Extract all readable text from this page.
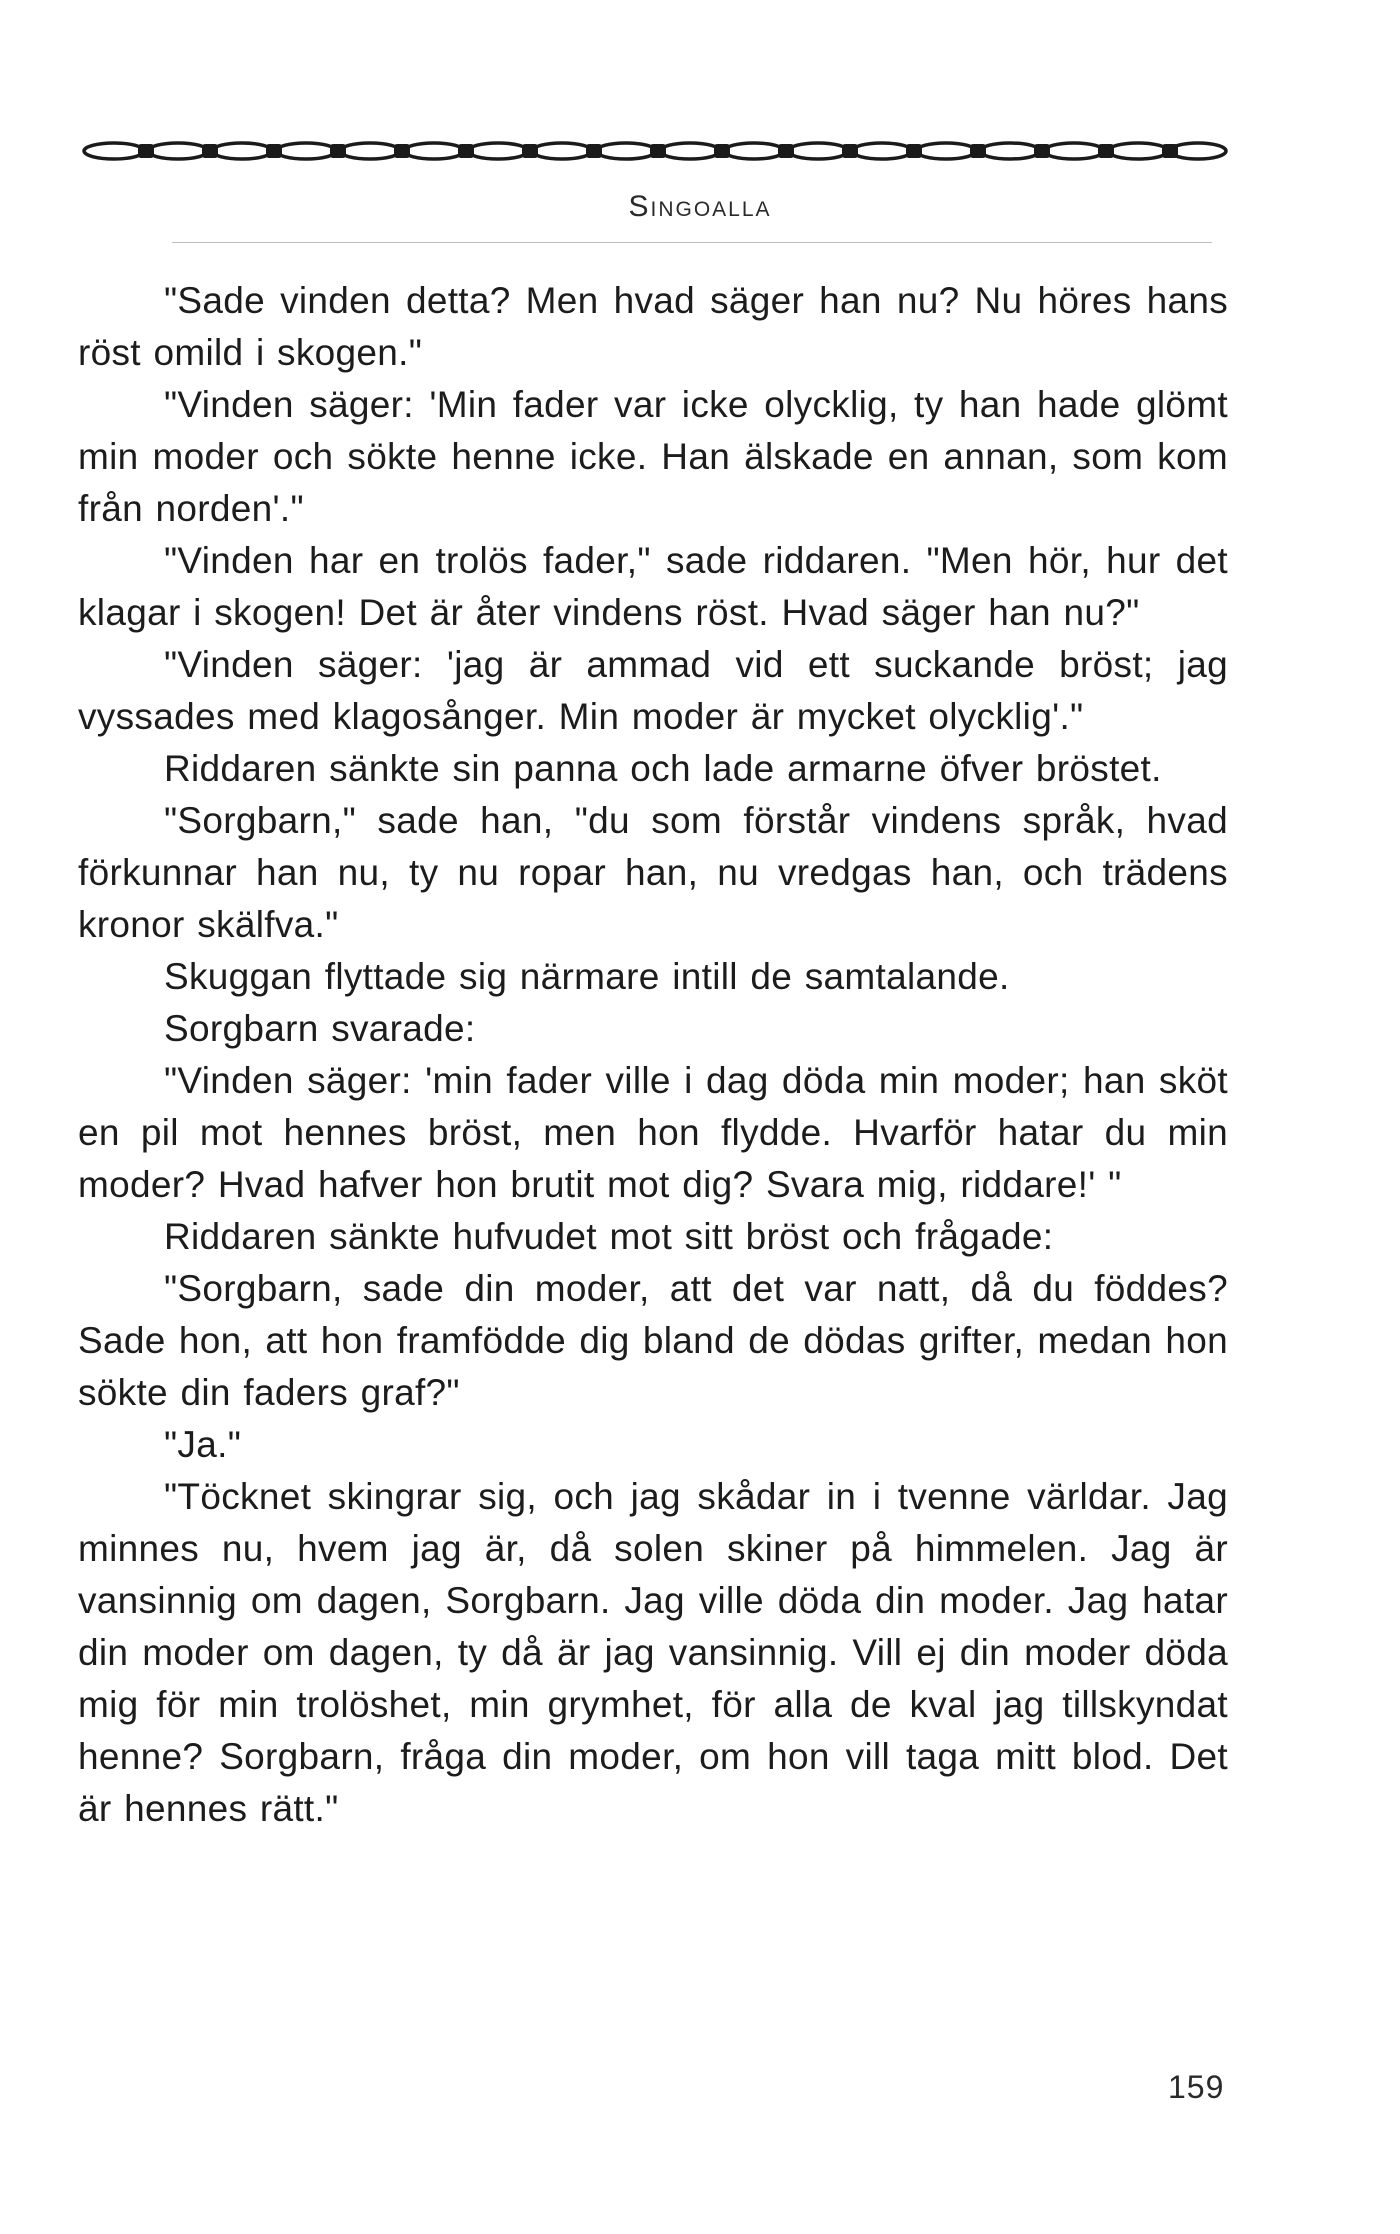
Singoalla

"Sade vinden detta? Men hvad säger han nu? Nu höres hans röst omild i skogen."

"Vinden säger: 'Min fader var icke olycklig, ty han hade glömt min moder och sökte henne icke. Han älskade en annan, som kom från norden'."

"Vinden har en trolös fader," sade riddaren. "Men hör, hur det klagar i skogen! Det är åter vindens röst. Hvad säger han nu?"

"Vinden säger: 'jag är ammad vid ett suckande bröst; jag vyssades med klagosånger. Min moder är mycket olycklig'."

Riddaren sänkte sin panna och lade armarne öfver bröstet.

"Sorgbarn," sade han, "du som förstår vindens språk, hvad förkunnar han nu, ty nu ropar han, nu vredgas han, och trädens kronor skälfva."

Skuggan flyttade sig närmare intill de samtalande.

Sorgbarn svarade:

"Vinden säger: 'min fader ville i dag döda min moder; han sköt en pil mot hennes bröst, men hon flydde. Hvarför hatar du min moder? Hvad hafver hon brutit mot dig? Svara mig, riddare!' "

Riddaren sänkte hufvudet mot sitt bröst och frågade:

"Sorgbarn, sade din moder, att det var natt, då du föddes? Sade hon, att hon framfödde dig bland de dödas grifter, medan hon sökte din faders graf?"

"Ja."

"Töcknet skingrar sig, och jag skådar in i tvenne världar. Jag minnes nu, hvem jag är, då solen skiner på himmelen. Jag är vansinnig om dagen, Sorgbarn. Jag ville döda din moder. Jag hatar din moder om dagen, ty då är jag vansinnig. Vill ej din moder döda mig för min trolöshet, min grymhet, för alla de kval jag tillskyndat henne? Sorgbarn, fråga din moder, om hon vill taga mitt blod. Det är hennes rätt."

159
